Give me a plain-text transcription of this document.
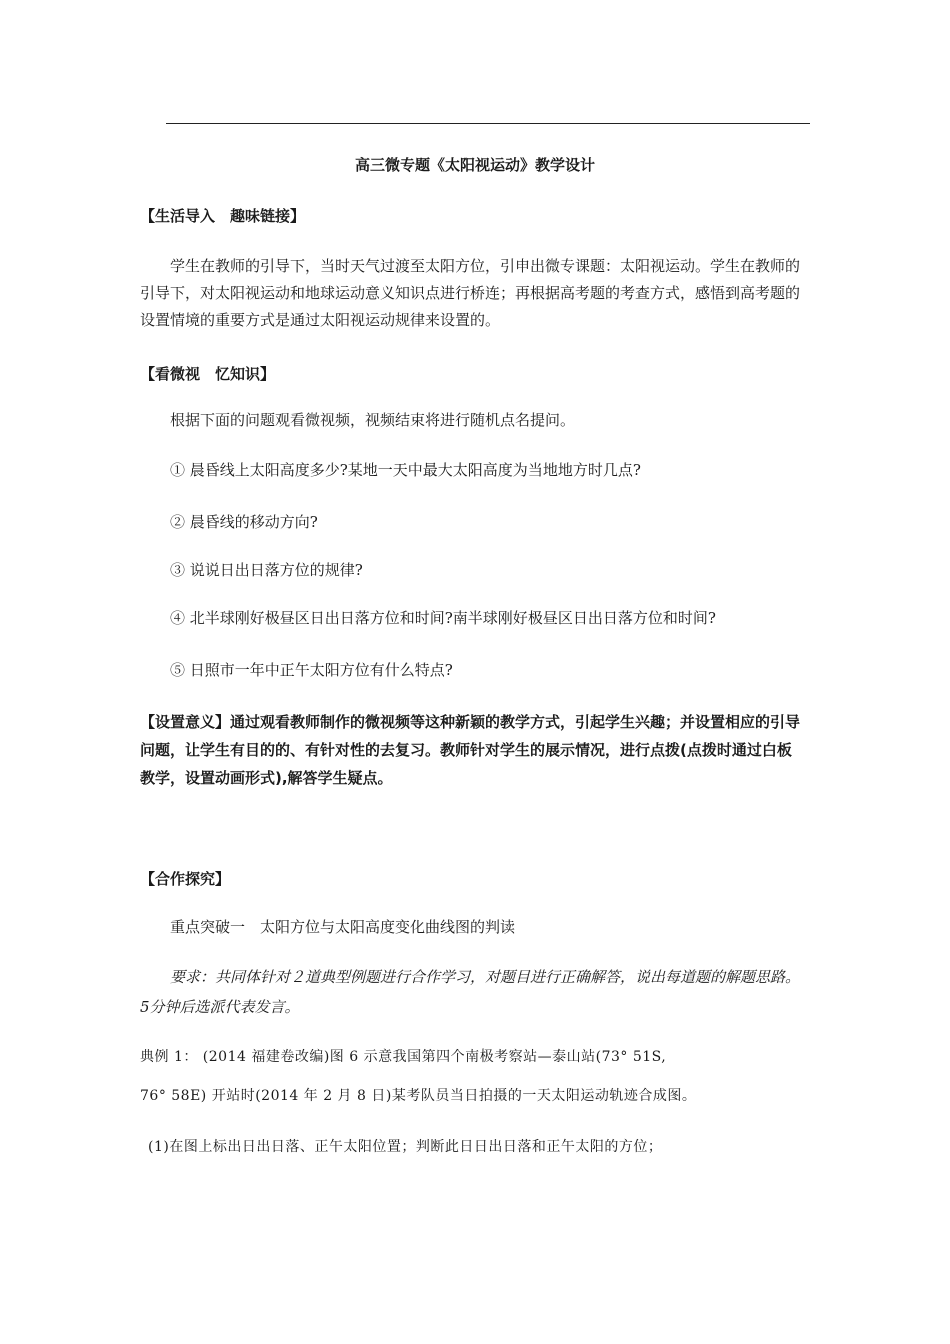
高三微专题《太阳视运动》教学设计
【生活导入　趣味链接】
学生在教师的引导下，当时天气过渡至太阳方位，引申出微专课题：太阳视运动。学生在教师的引导下，对太阳视运动和地球运动意义知识点进行桥连；再根据高考题的考查方式，感悟到高考题的设置情境的重要方式是通过太阳视运动规律来设置的。
【看微视　忆知识】
根据下面的问题观看微视频，视频结束将进行随机点名提问。
① 晨昏线上太阳高度多少?某地一天中最大太阳高度为当地地方时几点?
② 晨昏线的移动方向?
③ 说说日出日落方位的规律?
④ 北半球刚好极昼区日出日落方位和时间?南半球刚好极昼区日出日落方位和时间?
⑤ 日照市一年中正午太阳方位有什么特点?
【设置意义】通过观看教师制作的微视频等这种新颖的教学方式，引起学生兴趣；并设置相应的引导问题，让学生有目的的、有针对性的去复习。教师针对学生的展示情况，进行点拨(点拨时通过白板教学，设置动画形式),解答学生疑点。
【合作探究】
重点突破一　太阳方位与太阳高度变化曲线图的判读
要求：共同体针对２道典型例题进行合作学习，对题目进行正确解答，说出每道题的解题思路。5分钟后选派代表发言。
典例 1： (2014 福建卷改编)图 6 示意我国第四个南极考察站—泰山站(73° 51S,
76° 58E) 开站时(2014 年 2 月 8 日)某考队员当日拍摄的一天太阳运动轨迹合成图。
(1)在图上标出日出日落、正午太阳位置；判断此日日出日落和正午太阳的方位；
